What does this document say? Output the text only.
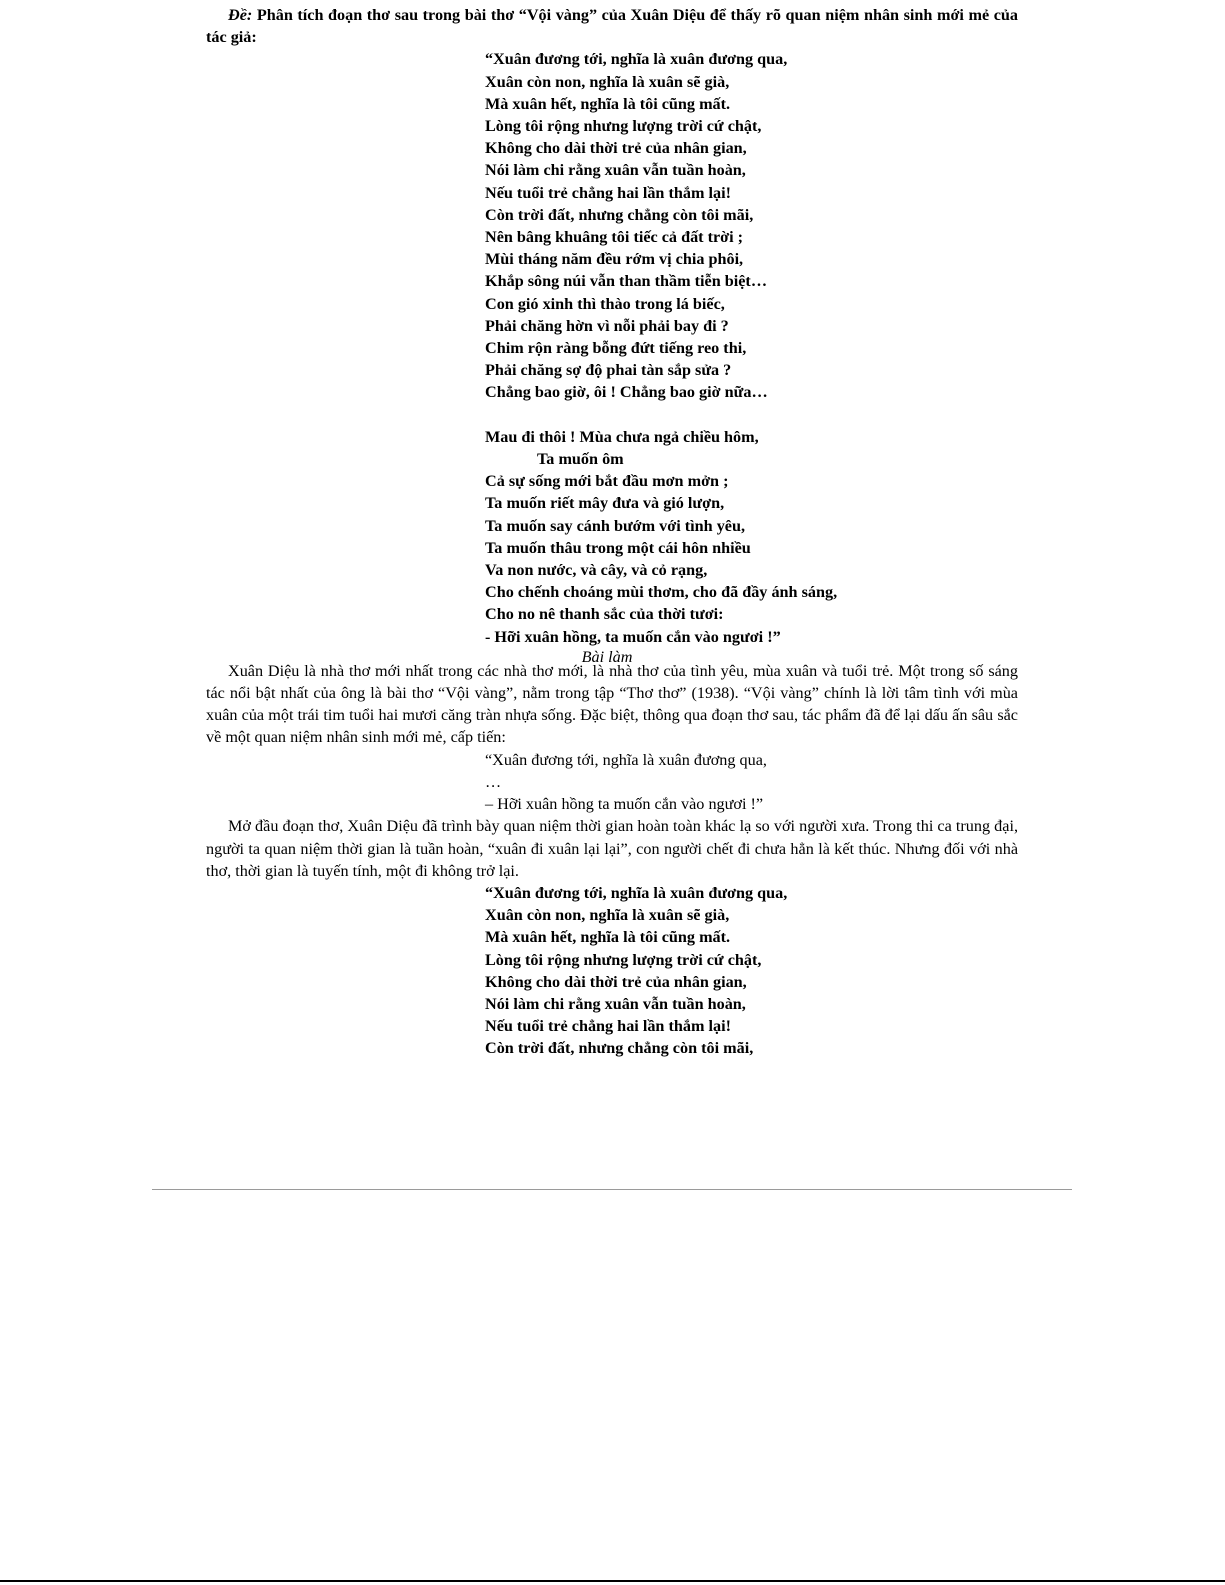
Đề: Phân tích đoạn thơ sau trong bài thơ “Vội vàng” của Xuân Diệu để thấy rõ quan niệm nhân sinh mới mẻ của tác giả:

“Xuân đương tới, nghĩa là xuân đương qua,
Xuân còn non, nghĩa là xuân sẽ già,
Mà xuân hết, nghĩa là tôi cũng mất.
Lòng tôi rộng nhưng lượng trời cứ chật,
Không cho dài thời trẻ của nhân gian,
Nói làm chi rằng xuân vẫn tuần hoàn,
Nếu tuổi trẻ chẳng hai lần thắm lại!
Còn trời đất, nhưng chẳng còn tôi mãi,
Nên bâng khuâng tôi tiếc cả đất trời ;
Mùi tháng năm đều rớm vị chia phôi,
Khắp sông núi vẫn than thầm tiễn biệt…
Con gió xinh thì thào trong lá biếc,
Phải chăng hờn vì nỗi phải bay đi ?
Chim rộn ràng bỗng đứt tiếng reo thi,
Phải chăng sợ độ phai tàn sắp sửa ?
Chẳng bao giờ, ôi ! Chẳng bao giờ nữa…
Mau đi thôi ! Mùa chưa ngả chiều hôm,
Ta muốn ôm
Cả sự sống mới bắt đầu mơn mởn ;
Ta muốn riết mây đưa và gió lượn,
Ta muốn say cánh bướm với tình yêu,
Ta muốn thâu trong một cái hôn nhiều
Va non nước, và cây, và cỏ rạng,
Cho chếnh choáng mùi thơm, cho đã đầy ánh sáng,
Cho no nê thanh sắc của thời tươi:
- Hỡi xuân hồng, ta muốn cắn vào ngươi !”
Bài làm

Xuân Diệu là nhà thơ mới nhất trong các nhà thơ mới, là nhà thơ của tình yêu, mùa xuân và tuổi trẻ. Một trong số sáng tác nổi bật nhất của ông là bài thơ “Vội vàng”, nằm trong tập “Thơ thơ” (1938). “Vội vàng” chính là lời tâm tình với mùa xuân của một trái tim tuổi hai mươi căng tràn nhựa sống. Đặc biệt, thông qua đoạn thơ sau, tác phẩm đã để lại dấu ấn sâu sắc về một quan niệm nhân sinh mới mẻ, cấp tiến:

“Xuân đương tới, nghĩa là xuân đương qua,
…
– Hỡi xuân hồng ta muốn cắn vào ngươi !”

Mở đầu đoạn thơ, Xuân Diệu đã trình bày quan niệm thời gian hoàn toàn khác lạ so với người xưa. Trong thi ca trung đại, người ta quan niệm thời gian là tuần hoàn, “xuân đi xuân lại lại”, con người chết đi chưa hẳn là kết thúc. Nhưng đối với nhà thơ, thời gian là tuyến tính, một đi không trở lại.

“Xuân đương tới, nghĩa là xuân đương qua,
Xuân còn non, nghĩa là xuân sẽ già,
Mà xuân hết, nghĩa là tôi cũng mất.
Lòng tôi rộng nhưng lượng trời cứ chật,
Không cho dài thời trẻ của nhân gian,
Nói làm chi rằng xuân vẫn tuần hoàn,
Nếu tuổi trẻ chẳng hai lần thắm lại!
Còn trời đất, nhưng chẳng còn tôi mãi,
